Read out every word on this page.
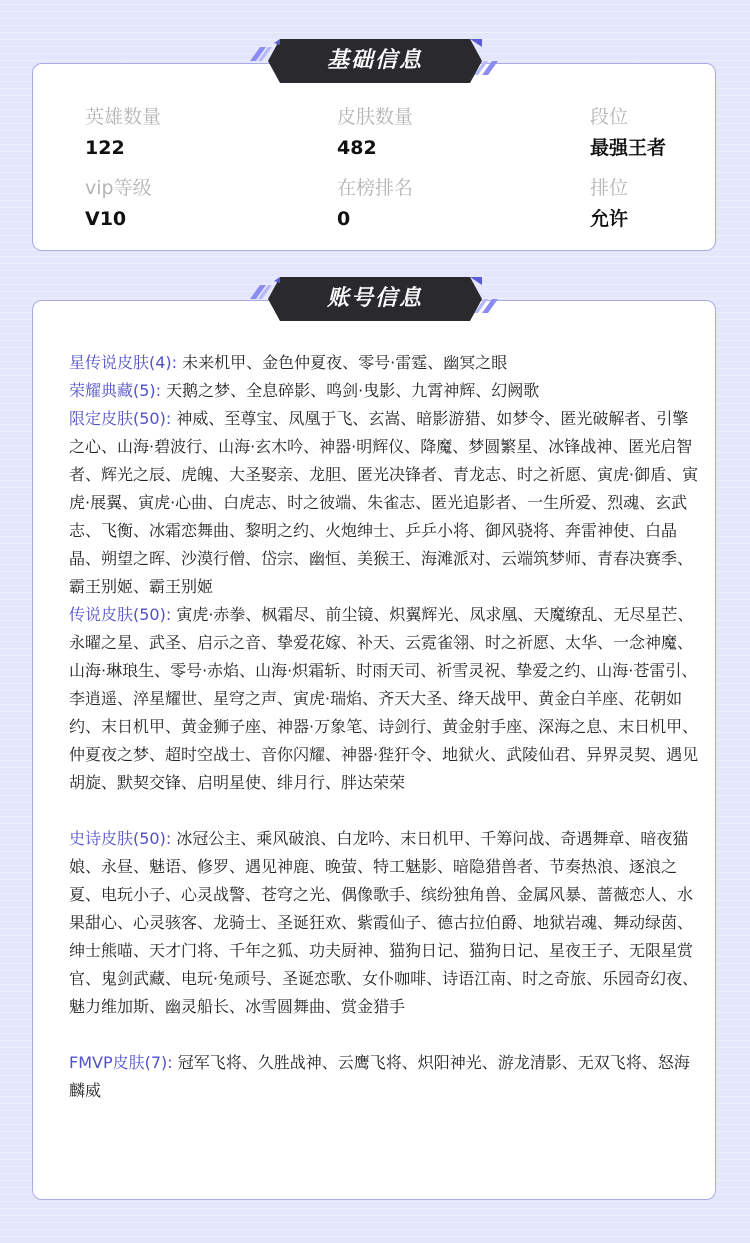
英雄数量
122
皮肤数量
482
段位
最强王者
vip等级
V10
在榜排名
0
排位
允许
基础信息
星传说皮肤(4): 未来机甲、金色仲夏夜、零号·雷霆、幽冥之眼
荣耀典藏(5): 天鹅之梦、全息碎影、鸣剑·曳影、九霄神辉、幻阙歌
限定皮肤(50): 神威、至尊宝、凤凰于飞、玄嵩、暗影游猎、如梦令、匿光破解者、引擎之心、山海·碧波行、山海·玄木吟、神器·明辉仪、降魔、梦圆繁星、冰锋战神、匿光启智者、辉光之辰、虎魄、大圣娶亲、龙胆、匿光决锋者、青龙志、时之祈愿、寅虎·御盾、寅虎·展翼、寅虎·心曲、白虎志、时之彼端、朱雀志、匿光追影者、一生所爱、烈魂、玄武志、飞衡、冰霜恋舞曲、黎明之约、火炮绅士、乒乒小将、御风骁将、奔雷神使、白晶晶、朔望之晖、沙漠行僧、岱宗、幽恒、美猴王、海滩派对、云端筑梦师、青春决赛季、霸王别姬、霸王别姬
传说皮肤(50): 寅虎·赤拳、枫霜尽、前尘镜、炽翼辉光、凤求凰、天魔缭乱、无尽星芒、永曜之星、武圣、启示之音、挚爱花嫁、补天、云霓雀翎、时之祈愿、太华、一念神魔、山海·琳琅生、零号·赤焰、山海·炽霜斩、时雨天司、祈雪灵祝、挚爱之约、山海·苍雷引、李逍遥、淬星耀世、星穹之声、寅虎·瑞焰、齐天大圣、绛天战甲、黄金白羊座、花朝如约、末日机甲、黄金狮子座、神器·万象笔、诗剑行、黄金射手座、深海之息、末日机甲、仲夏夜之梦、超时空战士、音你闪耀、神器·狴犴令、地狱火、武陵仙君、异界灵契、遇见胡旋、默契交锋、启明星使、绯月行、胖达荣荣
史诗皮肤(50): 冰冠公主、乘风破浪、白龙吟、末日机甲、千筹问战、奇遇舞章、暗夜猫娘、永昼、魅语、修罗、遇见神鹿、晚萤、特工魅影、暗隐猎兽者、节奏热浪、逐浪之夏、电玩小子、心灵战警、苍穹之光、偶像歌手、缤纷独角兽、金属风暴、蔷薇恋人、水果甜心、心灵骇客、龙骑士、圣诞狂欢、紫霞仙子、德古拉伯爵、地狱岩魂、舞动绿茵、绅士熊喵、天才门将、千年之狐、功夫厨神、猫狗日记、猫狗日记、星夜王子、无限星赏官、鬼剑武藏、电玩·兔顽号、圣诞恋歌、女仆咖啡、诗语江南、时之奇旅、乐园奇幻夜、魅力维加斯、幽灵船长、冰雪圆舞曲、赏金猎手
FMVP皮肤(7): 冠军飞将、久胜战神、云鹰飞将、炽阳神光、游龙清影、无双飞将、怒海麟威
账号信息
